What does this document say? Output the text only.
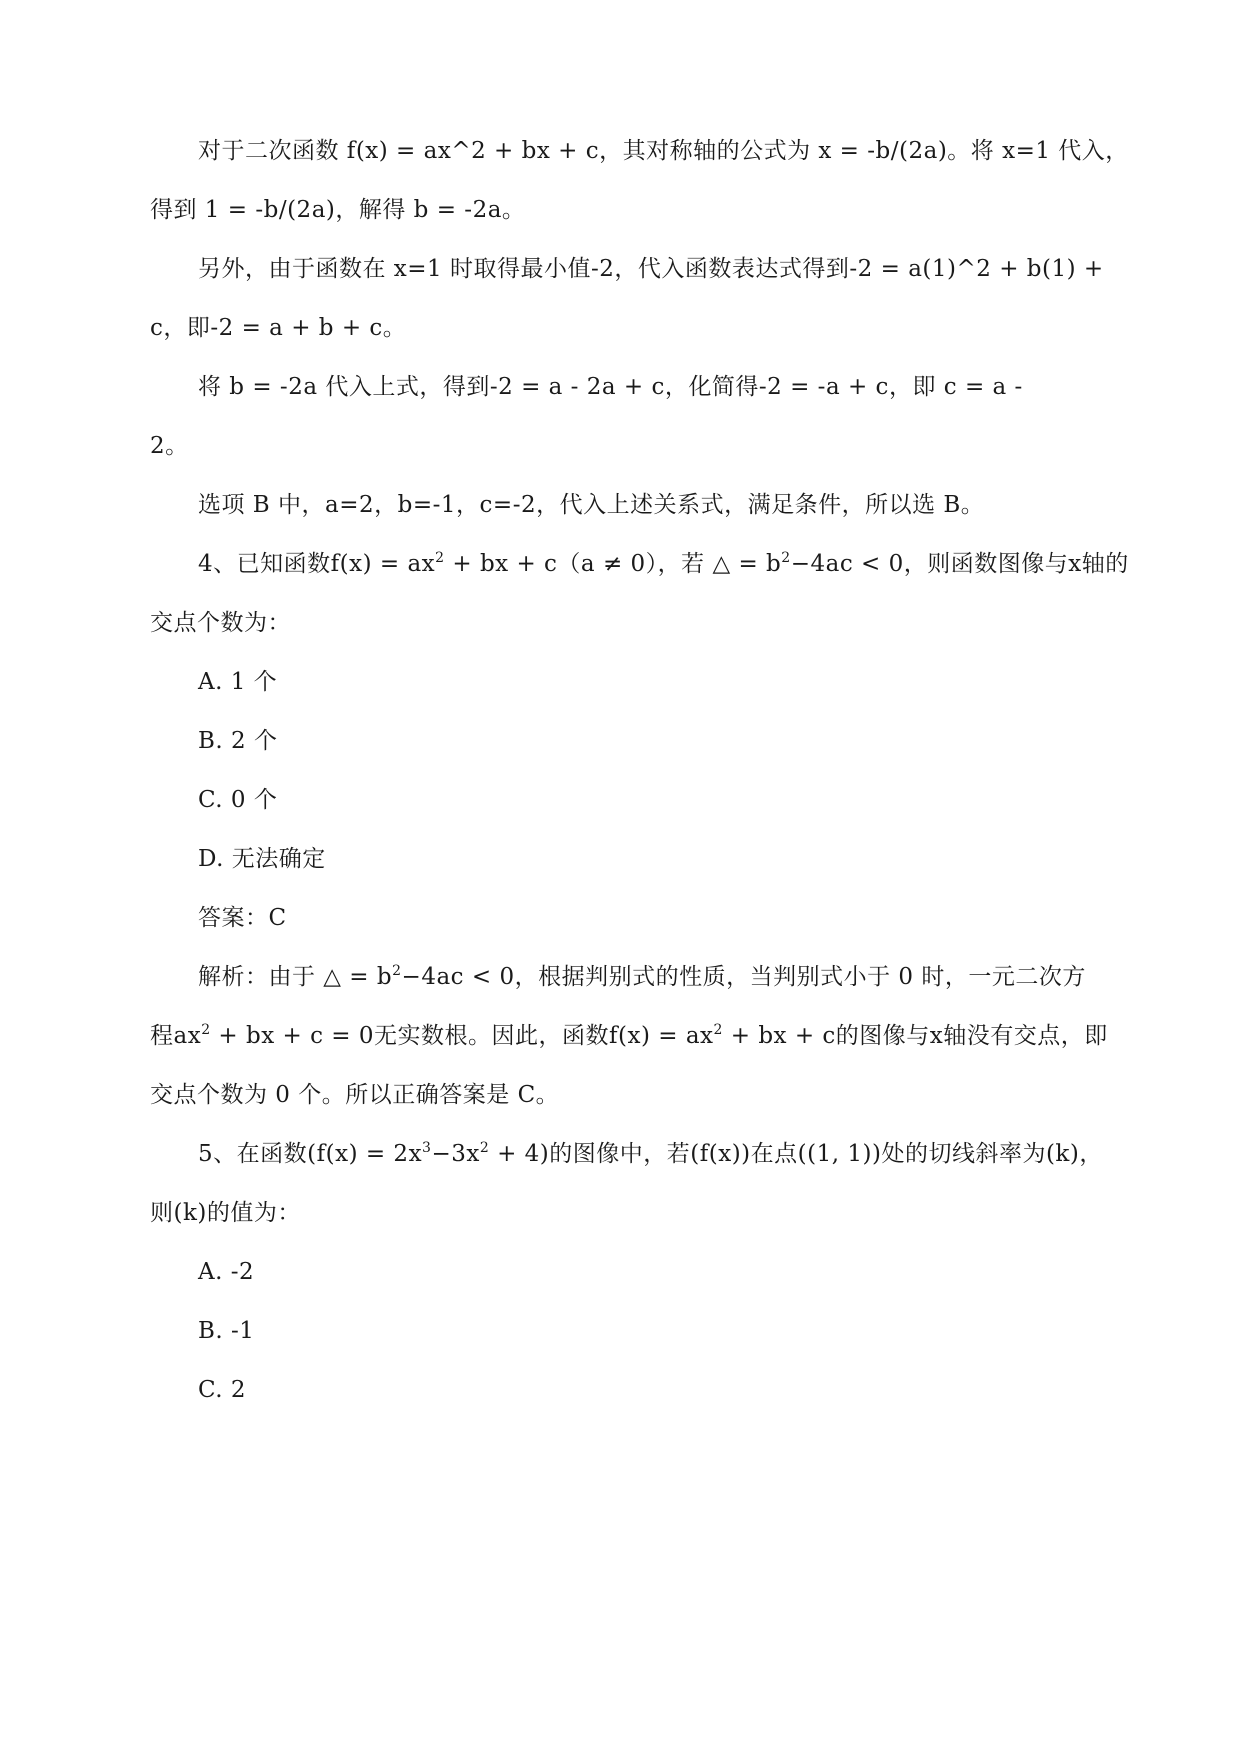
对于二次函数 f(x) = ax^2 + bx + c，其对称轴的公式为 x = -b/(2a)。将 x=1 代入，
得到 1 = -b/(2a)，解得 b = -2a。
另外，由于函数在 x=1 时取得最小值-2，代入函数表达式得到-2 = a(1)^2 + b(1) +
c，即-2 = a + b + c。
将 b = -2a 代入上式，得到-2 = a - 2a + c，化简得-2 = -a + c，即 c = a -
2。
选项 B 中，a=2，b=-1，c=-2，代入上述关系式，满足条件，所以选 B。
4、已知函数$f(x) = ax^2$ + bx + c（a ≠ 0），若 △ = $b^2-4ac < 0$，则函数图像与x轴的
交点个数为：
A. 1 个
B. 2 个
C. 0 个
D. 无法确定
答案：C
解析：由于 △ = $b^2-4ac < 0$，根据判别式的性质，当判别式小于 0 时，一元二次方
程$ax^2$ + bx + c = 0无实数根。因此，函数$f(x) = ax^2$ + bx + c的图像与x轴没有交点，即
交点个数为 0 个。所以正确答案是 C。
5、在函数$(f(x) = 2x^3-3x^2 + 4)$的图像中，若(f(x))在点((1, 1))处的切线斜率为(k)，
则(k)的值为：
A. -2
B. -1
C. 2
